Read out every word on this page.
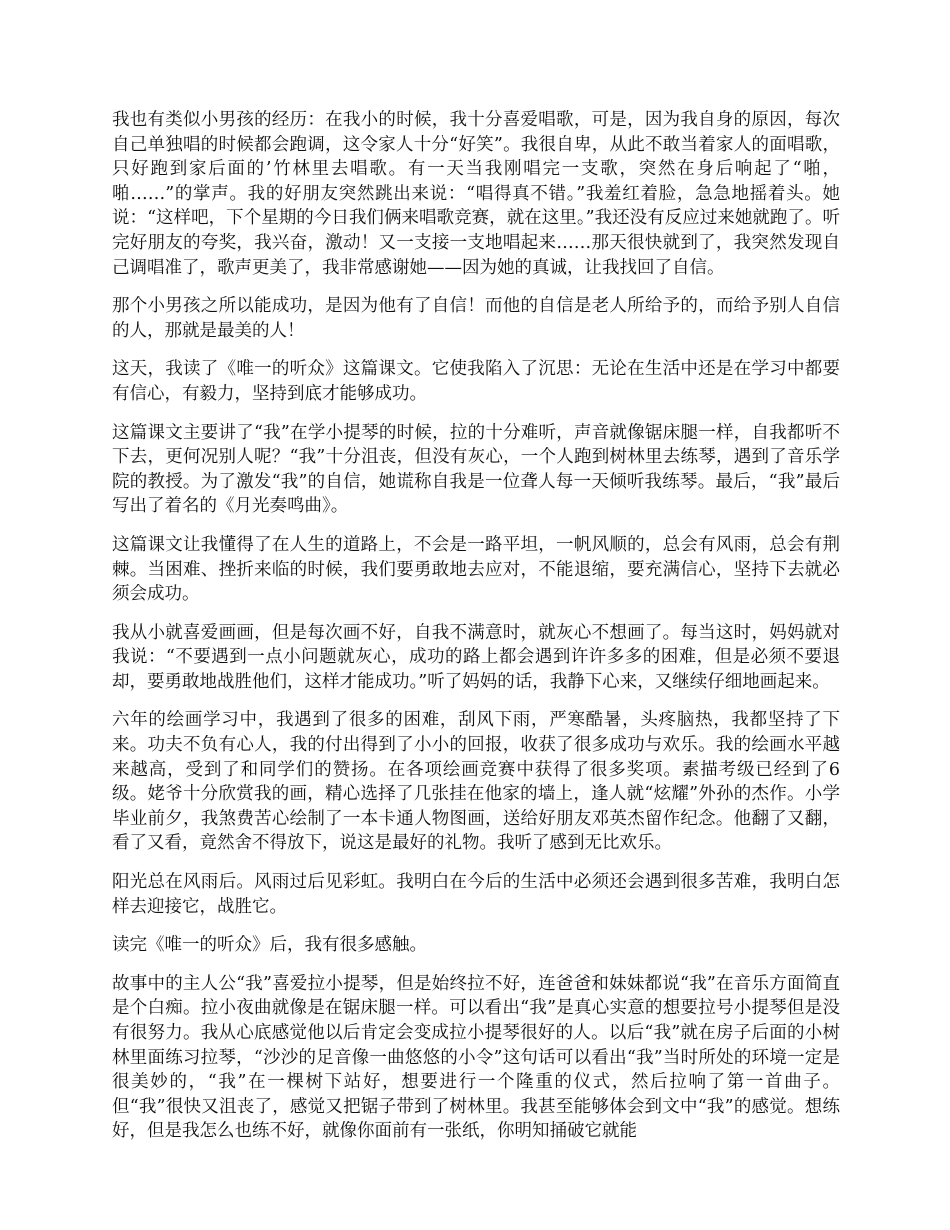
我也有类似小男孩的经历：在我小的时候，我十分喜爱唱歌，可是，因为我自身的原因，每次自己单独唱的时候都会跑调，这令家人十分“好笑”。我很自卑，从此不敢当着家人的面唱歌，只好跑到家后面的’竹林里去唱歌。有一天当我刚唱完一支歌，突然在身后响起了“啪，啪……”的掌声。我的好朋友突然跳出来说：“唱得真不错。”我羞红着脸，急急地摇着头。她说：“这样吧，下个星期的今日我们俩来唱歌竞赛，就在这里。”我还没有反应过来她就跑了。听完好朋友的夸奖，我兴奋，激动！又一支接一支地唱起来……那天很快就到了，我突然发现自己调唱准了，歌声更美了，我非常感谢她——因为她的真诚，让我找回了自信。

那个小男孩之所以能成功，是因为他有了自信！而他的自信是老人所给予的，而给予别人自信的人，那就是最美的人！

这天，我读了《唯一的听众》这篇课文。它使我陷入了沉思：无论在生活中还是在学习中都要有信心，有毅力，坚持到底才能够成功。

这篇课文主要讲了“我”在学小提琴的时候，拉的十分难听，声音就像锯床腿一样，自我都听不下去，更何况别人呢？“我”十分沮丧，但没有灰心，一个人跑到树林里去练琴，遇到了音乐学院的教授。为了激发“我”的自信，她谎称自我是一位聋人每一天倾听我练琴。最后，“我”最后写出了着名的《月光奏鸣曲》。

这篇课文让我懂得了在人生的道路上，不会是一路平坦，一帆风顺的，总会有风雨，总会有荆棘。当困难、挫折来临的时候，我们要勇敢地去应对，不能退缩，要充满信心，坚持下去就必须会成功。

我从小就喜爱画画，但是每次画不好，自我不满意时，就灰心不想画了。每当这时，妈妈就对我说：“不要遇到一点小问题就灰心，成功的路上都会遇到许许多多的困难，但是必须不要退却，要勇敢地战胜他们，这样才能成功。”听了妈妈的话，我静下心来，又继续仔细地画起来。

六年的绘画学习中，我遇到了很多的困难，刮风下雨，严寒酷暑，头疼脑热，我都坚持了下来。功夫不负有心人，我的付出得到了小小的回报，收获了很多成功与欢乐。我的绘画水平越来越高，受到了和同学们的赞扬。在各项绘画竞赛中获得了很多奖项。素描考级已经到了6级。姥爷十分欣赏我的画，精心选择了几张挂在他家的墙上，逢人就“炫耀”外孙的杰作。小学毕业前夕，我煞费苦心绘制了一本卡通人物图画，送给好朋友邓英杰留作纪念。他翻了又翻，看了又看，竟然舍不得放下，说这是最好的礼物。我听了感到无比欢乐。

阳光总在风雨后。风雨过后见彩虹。我明白在今后的生活中必须还会遇到很多苦难，我明白怎样去迎接它，战胜它。

读完《唯一的听众》后，我有很多感触。

故事中的主人公“我”喜爱拉小提琴，但是始终拉不好，连爸爸和妹妹都说“我”在音乐方面简直是个白痴。拉小夜曲就像是在锯床腿一样。可以看出“我”是真心实意的想要拉号小提琴但是没有很努力。我从心底感觉他以后肯定会变成拉小提琴很好的人。以后“我”就在房子后面的小树林里面练习拉琴，“沙沙的足音像一曲悠悠的小令”这句话可以看出“我”当时所处的环境一定是很美妙的，“我”在一棵树下站好，想要进行一个隆重的仪式，然后拉响了第一首曲子。但“我”很快又沮丧了，感觉又把锯子带到了树林里。我甚至能够体会到文中“我”的感觉。想练好，但是我怎么也练不好，就像你面前有一张纸，你明知捅破它就能
